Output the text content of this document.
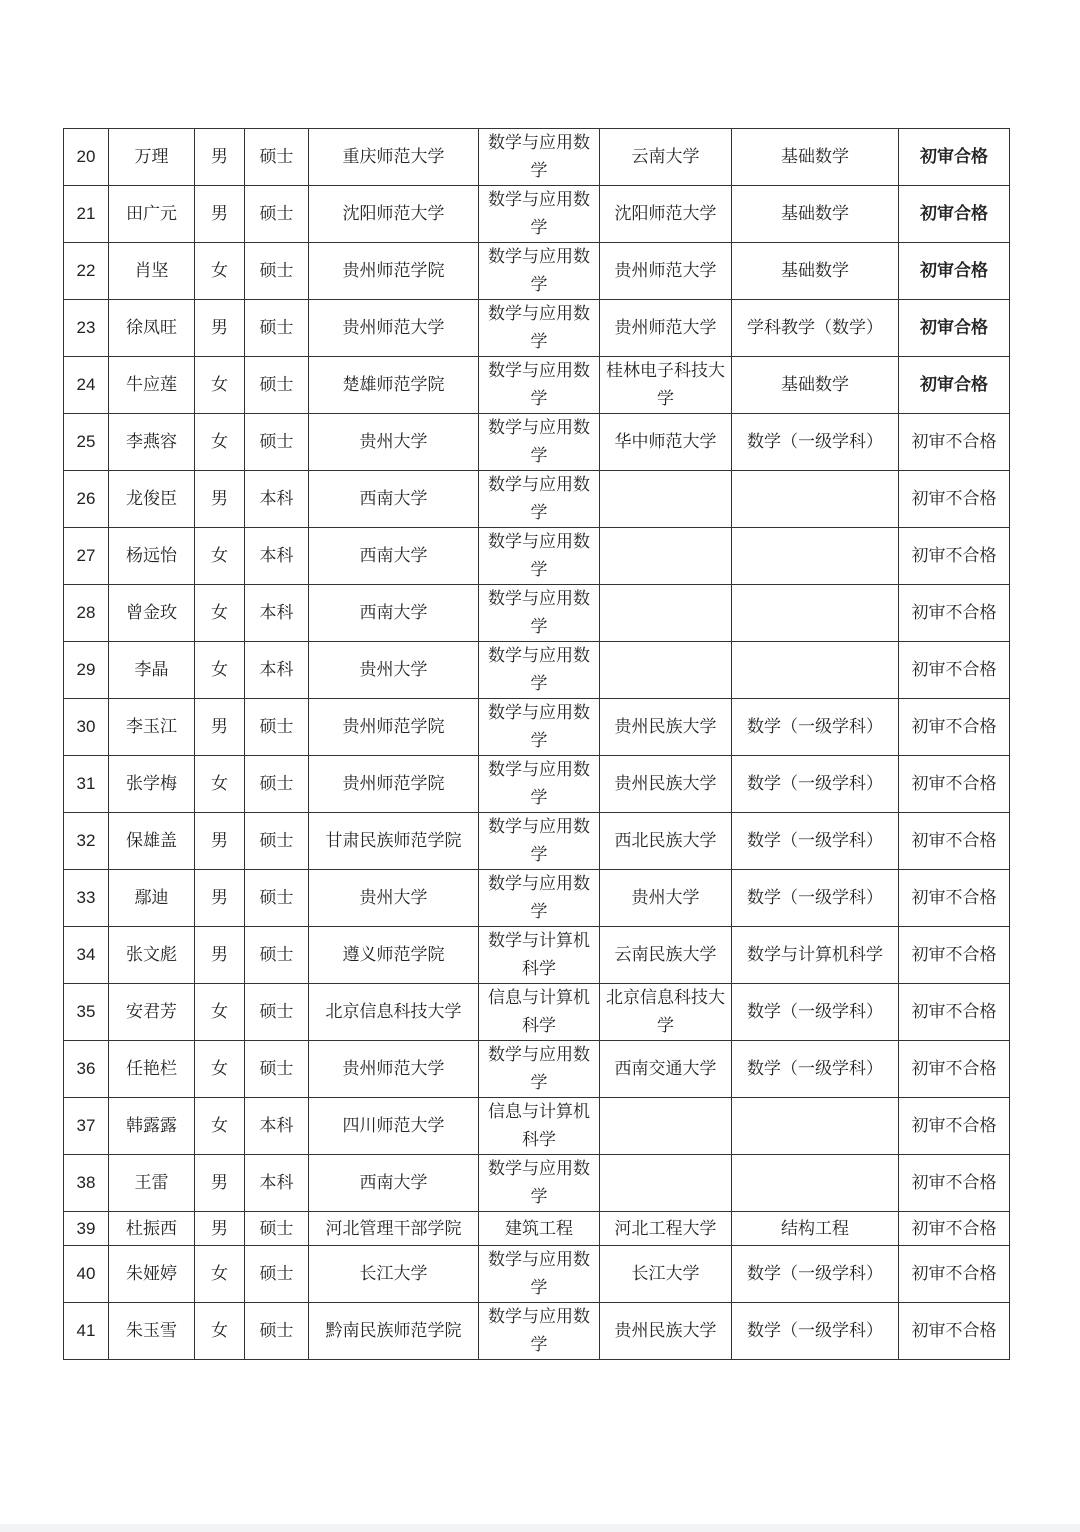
20	万理	男	硕士	重庆师范大学	数学与应用数学	云南大学	基础数学	初审合格
21	田广元	男	硕士	沈阳师范大学	数学与应用数学	沈阳师范大学	基础数学	初审合格
22	肖坚	女	硕士	贵州师范学院	数学与应用数学	贵州师范大学	基础数学	初审合格
23	徐凤旺	男	硕士	贵州师范大学	数学与应用数学	贵州师范大学	学科教学（数学）	初审合格
24	牛应莲	女	硕士	楚雄师范学院	数学与应用数学	桂林电子科技大学	基础数学	初审合格
25	李燕容	女	硕士	贵州大学	数学与应用数学	华中师范大学	数学（一级学科）	初审不合格
26	龙俊臣	男	本科	西南大学	数学与应用数学			初审不合格
27	杨远怡	女	本科	西南大学	数学与应用数学			初审不合格
28	曾金玫	女	本科	西南大学	数学与应用数学			初审不合格
29	李晶	女	本科	贵州大学	数学与应用数学			初审不合格
30	李玉江	男	硕士	贵州师范学院	数学与应用数学	贵州民族大学	数学（一级学科）	初审不合格
31	张学梅	女	硕士	贵州师范学院	数学与应用数学	贵州民族大学	数学（一级学科）	初审不合格
32	保雄盖	男	硕士	甘肃民族师范学院	数学与应用数学	西北民族大学	数学（一级学科）	初审不合格
33	鄢迪	男	硕士	贵州大学	数学与应用数学	贵州大学	数学（一级学科）	初审不合格
34	张文彪	男	硕士	遵义师范学院	数学与计算机科学	云南民族大学	数学与计算机科学	初审不合格
35	安君芳	女	硕士	北京信息科技大学	信息与计算机科学	北京信息科技大学	数学（一级学科）	初审不合格
36	任艳栏	女	硕士	贵州师范大学	数学与应用数学	西南交通大学	数学（一级学科）	初审不合格
37	韩露露	女	本科	四川师范大学	信息与计算机科学			初审不合格
38	王雷	男	本科	西南大学	数学与应用数学			初审不合格
39	杜振西	男	硕士	河北管理干部学院	建筑工程	河北工程大学	结构工程	初审不合格
40	朱娅婷	女	硕士	长江大学	数学与应用数学	长江大学	数学（一级学科）	初审不合格
41	朱玉雪	女	硕士	黔南民族师范学院	数学与应用数学	贵州民族大学	数学（一级学科）	初审不合格
